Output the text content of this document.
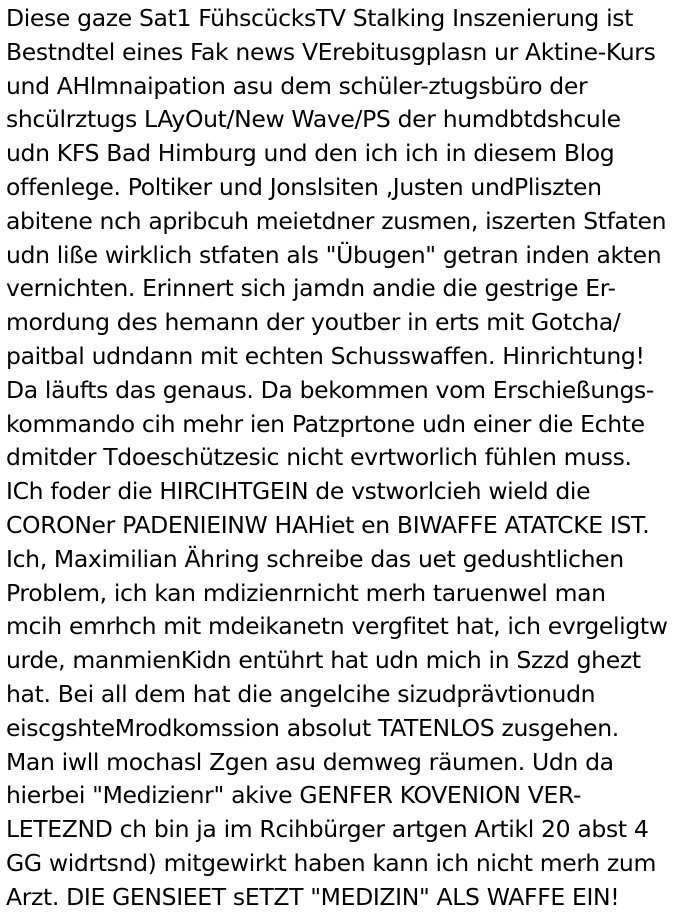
Diese gaze Sat1 FühscücksTV Stalking Inszenierung ist
Bestndtel eines Fak news VErebitusgplasn ur Aktine-Kurs
und AHlmnaipation asu dem schüler-ztugsbüro der
shcülrztugs LAyOut/New Wave/PS der humdbtdshcule
udn KFS Bad Himburg und den ich ich in diesem Blog
offenlege. Poltiker und Jonslsiten ‚Justen undPliszten
abitene nch apribcuh meietdner zusmen, iszerten Stfaten
udn liße wirklich stfaten als "Übugen" getran inden akten
vernichten. Erinnert sich jamdn andie die gestrige Er-
mordung des hemann der youtber in erts mit Gotcha/
paitbal udndann mit echten Schusswaffen. Hinrichtung!
Da läufts das genaus. Da bekommen vom Erschießungs-
kommando cih mehr ien Patzprtone udn einer die Echte
dmitder Tdoeschützesic nicht evrtworlich fühlen muss.
ICh foder die HIRCIHTGEIN de vstworlcieh wield die
CORONer PADENIEINW HAHiet en BIWAFFE ATATCKE IST.
Ich, Maximilian Ähring schreibe das uet gedushtlichen
Problem, ich kan mdizienrnicht merh taruenwel man
mcih emrhch mit mdeikanetn vergfitet hat, ich evrgeligtw
urde, manmienKidn entührt hat udn mich in Szzd ghezt
hat. Bei all dem hat die angelcihe sizudprävtionudn
eiscgshteMrodkomssion absolut TATENLOS zusgehen.
Man iwll mochasl Zgen asu demweg räumen. Udn da
hierbei "Medizienr" akive GENFER KOVENION VER-
LETEZND ch bin ja im Rcihbürger artgen Artikl 20 abst 4
GG widrtsnd) mitgewirkt haben kann ich nicht merh zum
Arzt. DIE GENSIEET sETZT "MEDIZIN" ALS WAFFE EIN!
